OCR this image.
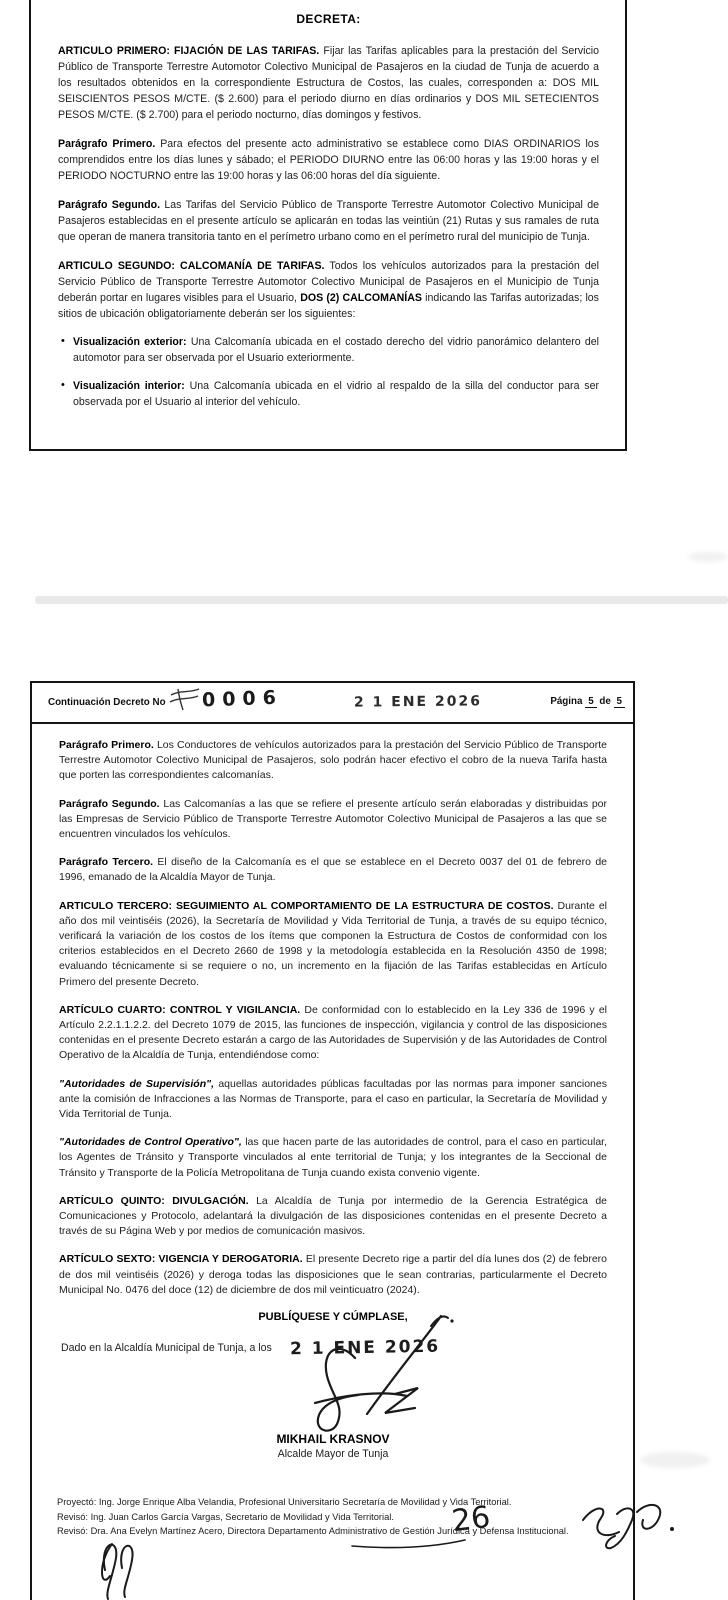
DECRETA:

ARTICULO PRIMERO: FIJACIÓN DE LAS TARIFAS. Fijar las Tarifas aplicables para la prestación del Servicio Público de Transporte Terrestre Automotor Colectivo Municipal de Pasajeros en la ciudad de Tunja de acuerdo a los resultados obtenidos en la correspondiente Estructura de Costos, las cuales, corresponden a: DOS MIL SEISCIENTOS PESOS M/CTE. ($ 2.600) para el periodo diurno en días ordinarios y DOS MIL SETECIENTOS PESOS M/CTE. ($ 2.700) para el periodo nocturno, días domingos y festivos.

Parágrafo Primero. Para efectos del presente acto administrativo se establece como DIAS ORDINARIOS los comprendidos entre los días lunes y sábado; el PERIODO DIURNO entre las 06:00 horas y las 19:00 horas y el PERIODO NOCTURNO entre las 19:00 horas y las 06:00 horas del día siguiente.

Parágrafo Segundo. Las Tarifas del Servicio Público de Transporte Terrestre Automotor Colectivo Municipal de Pasajeros establecidas en el presente artículo se aplicarán en todas las veintiún (21) Rutas y sus ramales de ruta que operan de manera transitoria tanto en el perímetro urbano como en el perímetro rural del municipio de Tunja.

ARTICULO SEGUNDO: CALCOMANÍA DE TARIFAS. Todos los vehículos autorizados para la prestación del Servicio Público de Transporte Terrestre Automotor Colectivo Municipal de Pasajeros en el Municipio de Tunja deberán portar en lugares visibles para el Usuario, DOS (2) CALCOMANÍAS indicando las Tarifas autorizadas; los sitios de ubicación obligatoriamente deberán ser los siguientes:

• Visualización exterior: Una Calcomanía ubicada en el costado derecho del vidrio panorámico delantero del automotor para ser observada por el Usuario exteriormente.
• Visualización interior: Una Calcomanía ubicada en el vidrio al respaldo de la silla del conductor para ser observada por el Usuario al interior del vehículo.
Continuación Decreto No 0006	2 1 ENE 2026	Página 5 de 5

Parágrafo Primero. Los Conductores de vehículos autorizados para la prestación del Servicio Público de Transporte Terrestre Automotor Colectivo Municipal de Pasajeros, solo podrán hacer efectivo el cobro de la nueva Tarifa hasta que porten las correspondientes calcomanías.

Parágrafo Segundo. Las Calcomanías a las que se refiere el presente artículo serán elaboradas y distribuidas por las Empresas de Servicio Público de Transporte Terrestre Automotor Colectivo Municipal de Pasajeros a las que se encuentren vinculados los vehículos.

Parágrafo Tercero. El diseño de la Calcomanía es el que se establece en el Decreto 0037 del 01 de febrero de 1996, emanado de la Alcaldía Mayor de Tunja.

ARTICULO TERCERO: SEGUIMIENTO AL COMPORTAMIENTO DE LA ESTRUCTURA DE COSTOS. Durante el año dos mil veintiséis (2026), la Secretaría de Movilidad y Vida Territorial de Tunja, a través de su equipo técnico, verificará la variación de los costos de los ítems que componen la Estructura de Costos de conformidad con los criterios establecidos en el Decreto 2660 de 1998 y la metodología establecida en la Resolución 4350 de 1998; evaluando técnicamente si se requiere o no, un incremento en la fijación de las Tarifas establecidas en Artículo Primero del presente Decreto.

ARTÍCULO CUARTO: CONTROL Y VIGILANCIA. De conformidad con lo establecido en la Ley 336 de 1996 y el Artículo 2.2.1.1.2.2. del Decreto 1079 de 2015, las funciones de inspección, vigilancia y control de las disposiciones contenidas en el presente Decreto estarán a cargo de las Autoridades de Supervisión y de las Autoridades de Control Operativo de la Alcaldía de Tunja, entendiéndose como:

"Autoridades de Supervisión", aquellas autoridades públicas facultadas por las normas para imponer sanciones ante la comisión de Infracciones a las Normas de Transporte, para el caso en particular, la Secretaría de Movilidad y Vida Territorial de Tunja.

"Autoridades de Control Operativo", las que hacen parte de las autoridades de control, para el caso en particular, los Agentes de Tránsito y Transporte vinculados al ente territorial de Tunja; y los integrantes de la Seccional de Tránsito y Transporte de la Policía Metropolitana de Tunja cuando exista convenio vigente.

ARTÍCULO QUINTO: DIVULGACIÓN. La Alcaldía de Tunja por intermedio de la Gerencia Estratégica de Comunicaciones y Protocolo, adelantará la divulgación de las disposiciones contenidas en el presente Decreto a través de su Página Web y por medios de comunicación masivos.

ARTÍCULO SEXTO: VIGENCIA Y DEROGATORIA. El presente Decreto rige a partir del día lunes dos (2) de febrero de dos mil veintiséis (2026) y deroga todas las disposiciones que le sean contrarias, particularmente el Decreto Municipal No. 0476 del doce (12) de diciembre de dos mil veinticuatro (2024).

PUBLÍQUESE Y CÚMPLASE,

Dado en la Alcaldía Municipal de Tunja, a los 2 1 ENE 2026
MIKHAIL KRASNOV
Alcalde Mayor de Tunja
Proyectó: Ing. Jorge Enrique Alba Velandia, Profesional Universitario Secretaría de Movilidad y Vida Territorial.
Revisó: Ing. Juan Carlos García Vargas, Secretario de Movilidad y Vida Territorial.
Revisó: Dra. Ana Evelyn Martínez Acero, Directora Departamento Administrativo de Gestión Jurídica y Defensa Institucional.
26
